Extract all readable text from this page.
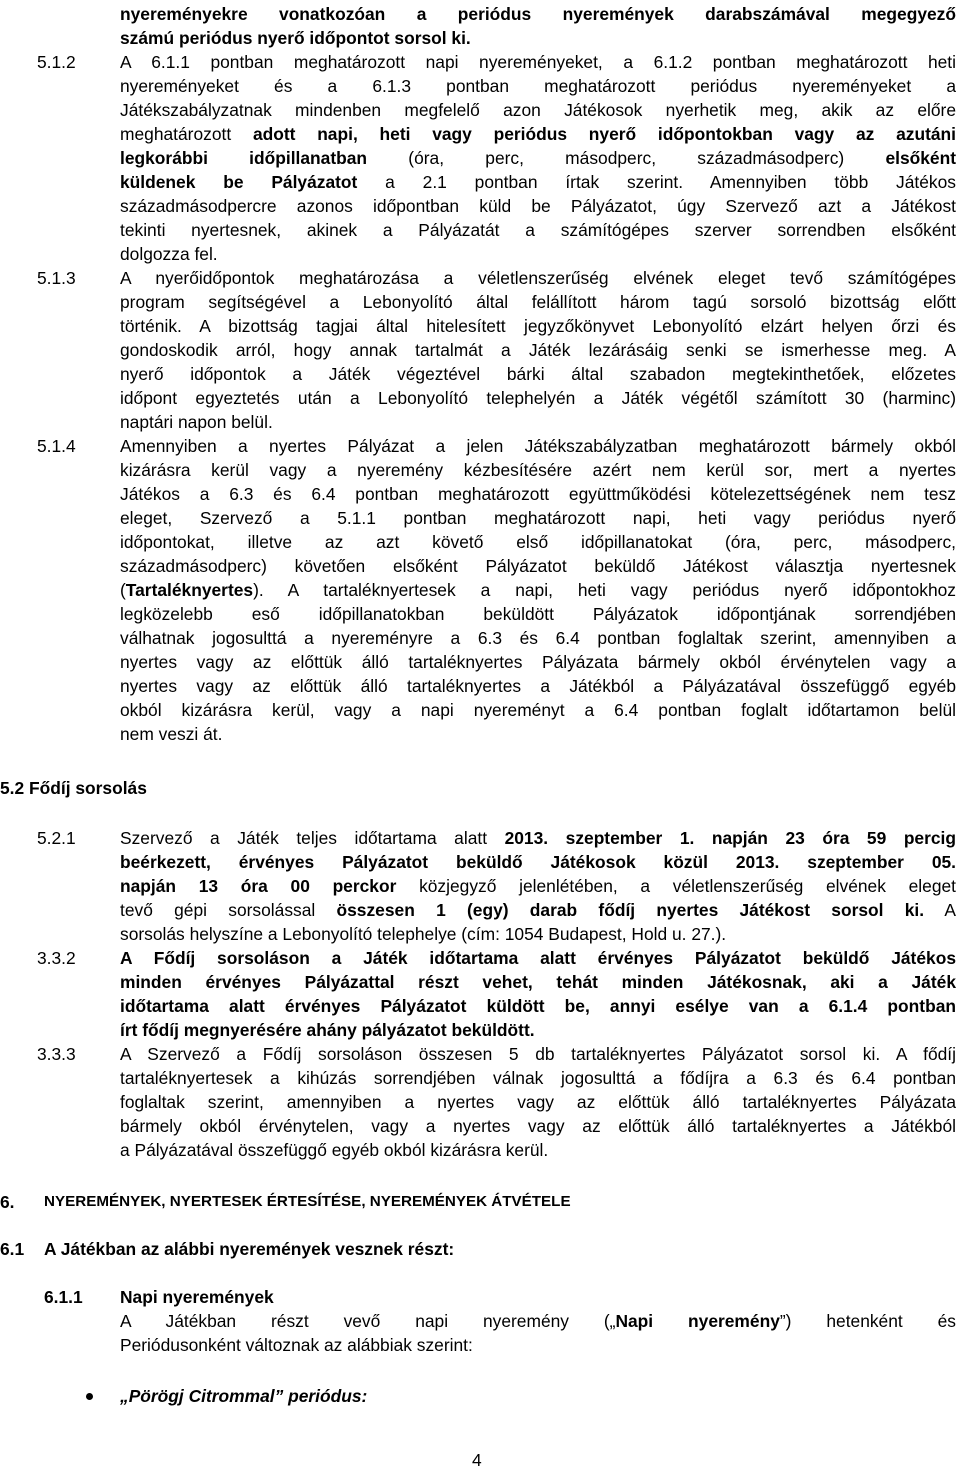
nyereményekre vonatkozóan a periódus nyeremények darabszámával megegyező
számú periódus nyerő időpontot sorsol ki.
5.1.2	A 6.1.1 pontban meghatározott napi nyereményeket, a 6.1.2 pontban meghatározott heti
nyereményeket és a 6.1.3 pontban meghatározott periódus nyereményeket a
Játékszabályzatnak mindenben megfelelő azon Játékosok nyerhetik meg, akik az előre
meghatározott adott napi, heti vagy periódus nyerő időpontokban vagy az azutáni
legkorábbi időpillanatban (óra, perc, másodperc, századmásodperc) elsőként
küldenek be Pályázatot a 2.1 pontban írtak szerint. Amennyiben több Játékos
századmásodpercre azonos időpontban küld be Pályázatot, úgy Szervező azt a Játékost
tekinti nyertesnek, akinek a Pályázatát a számítógépes szerver sorrendben elsőként
dolgozza fel.
5.1.3	A nyerőidőpontok meghatározása a véletlenszerűség elvének eleget tevő számítógépes
program segítségével a Lebonyolító által felállított három tagú sorsoló bizottság előtt
történik. A bizottság tagjai által hitelesített jegyzőkönyvet Lebonyolító elzárt helyen őrzi és
gondoskodik arról, hogy annak tartalmát a Játék lezárásáig senki se ismerhesse meg. A
nyerő időpontok a Játék végeztével bárki által szabadon megtekinthetőek, előzetes
időpont egyeztetés után a Lebonyolító telephelyén a Játék végétől számított 30 (harminc)
naptári napon belül.
5.1.4	Amennyiben a nyertes Pályázat a jelen Játékszabályzatban meghatározott bármely okból
kizárásra kerül vagy a nyeremény kézbesítésére azért nem kerül sor, mert a nyertes
Játékos a 6.3 és 6.4 pontban meghatározott együttműködési kötelezettségének nem tesz
eleget, Szervező a 5.1.1 pontban meghatározott napi, heti vagy periódus nyerő
időpontokat, illetve az azt követő első időpillanatokat (óra, perc, másodperc,
századmásodperc) követően elsőként Pályázatot beküldő Játékost választja nyertesnek
(Tartaléknyertes). A tartaléknyertesek a napi, heti vagy periódus nyerő időpontokhoz
legközelebb eső időpillanatokban beküldött Pályázatok időpontjának sorrendjében
válhatnak jogosulttá a nyereményre a 6.3 és 6.4 pontban foglaltak szerint, amennyiben a
nyertes vagy az előttük álló tartaléknyertes Pályázata bármely okból érvénytelen vagy a
nyertes vagy az előttük álló tartaléknyertes a Játékból a Pályázatával összefüggő egyéb
okból kizárásra kerül, vagy a napi nyereményt a 6.4 pontban foglalt időtartamon belül
nem veszi át.
5.2 Fődíj sorsolás
5.2.1	Szervező a Játék teljes időtartama alatt 2013. szeptember 1. napján 23 óra 59 percig
beérkezett, érvényes Pályázatot beküldő Játékosok közül 2013. szeptember 05.
napján 13 óra 00 perckor közjegyző jelenlétében, a véletlenszerűség elvének eleget
tevő gépi sorsolással összesen 1 (egy) darab fődíj nyertes Játékost sorsol ki. A
sorsolás helyszíne a Lebonyolító telephelye (cím: 1054 Budapest, Hold u. 27.).
3.3.2	A Fődíj sorsoláson a Játék időtartama alatt érvényes Pályázatot beküldő Játékos
minden érvényes Pályázattal részt vehet, tehát minden Játékosnak, aki a Játék
időtartama alatt érvényes Pályázatot küldött be, annyi esélye van a 6.1.4 pontban
írt fődíj megnyerésére ahány pályázatot beküldött.
3.3.3	A Szervező a Fődíj sorsoláson összesen 5 db tartaléknyertes Pályázatot sorsol ki. A fődíj
tartaléknyertesek a kihúzás sorrendjében válnak jogosulttá a fődíjra a 6.3 és 6.4 pontban
foglaltak szerint, amennyiben a nyertes vagy az előttük álló tartaléknyertes Pályázata
bármely okból érvénytelen, vagy a nyertes vagy az előttük álló tartaléknyertes a Játékból
a Pályázatával összefüggő egyéb okból kizárásra kerül.
6. NYEREMÉNYEK, NYERTESEK ÉRTESÍTÉSE, NYEREMÉNYEK ÁTVÉTELE
6.1 A Játékban az alábbi nyeremények vesznek részt:
6.1.1 Napi nyeremények
A Játékban részt vevő napi nyeremény („Napi nyeremény”) hetenként és
Periódusonként változnak az alábbiak szerint:
„Pörögj Citrommal” periódus:
4
